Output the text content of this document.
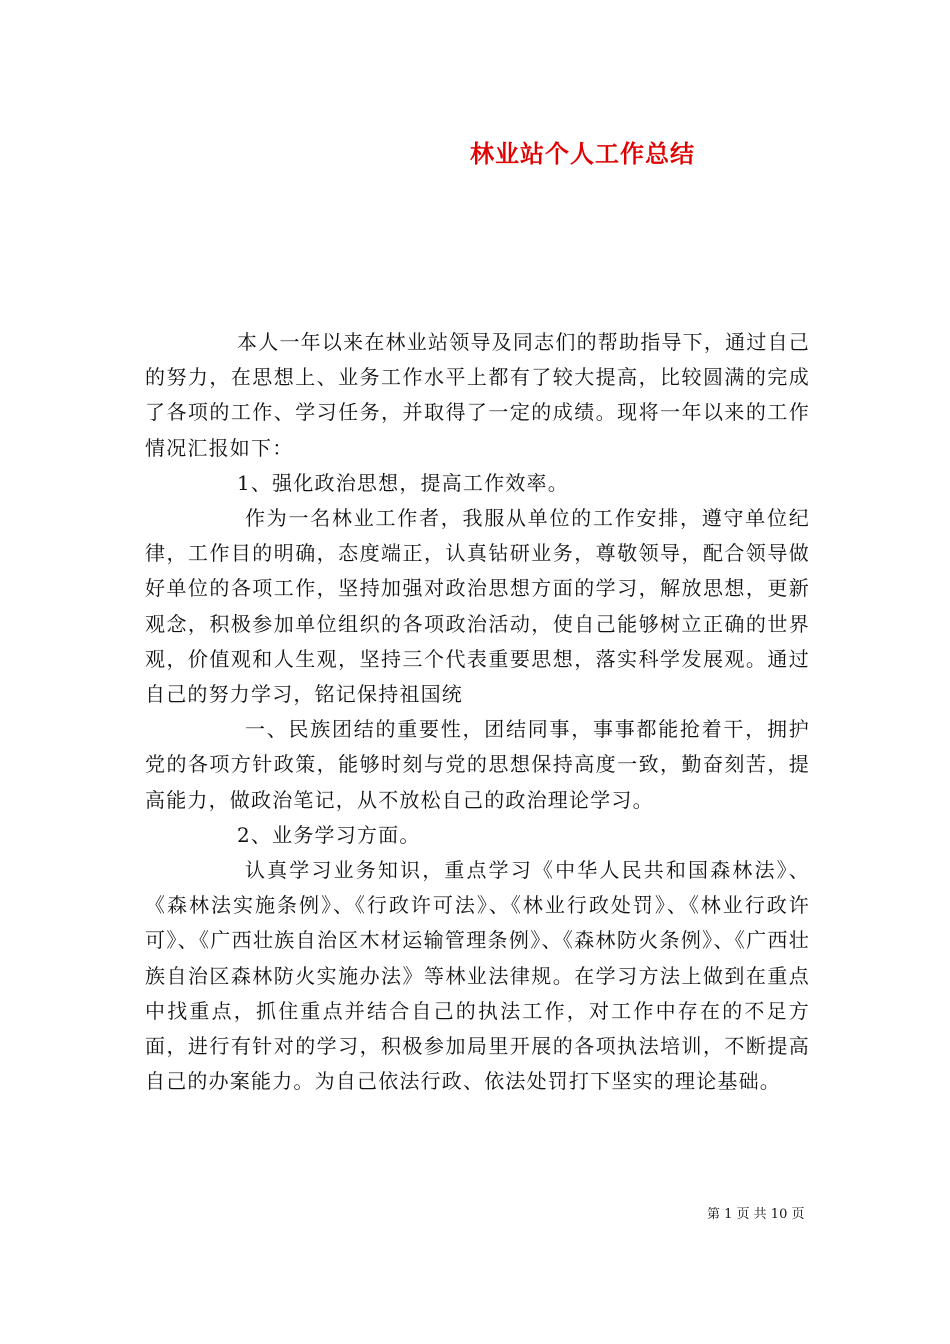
林业站个人工作总结

本人一年以来在林业站领导及同志们的帮助指导下，通过自己的努力，在思想上、业务工作水平上都有了较大提高，比较圆满的完成了各项的工作、学习任务，并取得了一定的成绩。现将一年以来的工作情况汇报如下：

1、强化政治思想，提高工作效率。

作为一名林业工作者，我服从单位的工作安排，遵守单位纪律，工作目的明确，态度端正，认真钻研业务，尊敬领导，配合领导做好单位的各项工作，坚持加强对政治思想方面的学习，解放思想，更新观念，积极参加单位组织的各项政治活动，使自己能够树立正确的世界观，价值观和人生观，坚持三个代表重要思想，落实科学发展观。通过自己的努力学习，铭记保持祖国统

一、民族团结的重要性，团结同事，事事都能抢着干，拥护党的各项方针政策，能够时刻与党的思想保持高度一致，勤奋刻苦，提高能力，做政治笔记，从不放松自己的政治理论学习。

2、业务学习方面。

认真学习业务知识，重点学习《中华人民共和国森林法》、《森林法实施条例》、《行政许可法》、《林业行政处罚》、《林业行政许可》、《广西壮族自治区木材运输管理条例》、《森林防火条例》、《广西壮族自治区森林防火实施办法》等林业法律规。在学习方法上做到在重点中找重点，抓住重点并结合自己的执法工作，对工作中存在的不足方面，进行有针对的学习，积极参加局里开展的各项执法培训，不断提高自己的办案能力。为自己依法行政、依法处罚打下坚实的理论基础。

第 1 页 共 10 页
